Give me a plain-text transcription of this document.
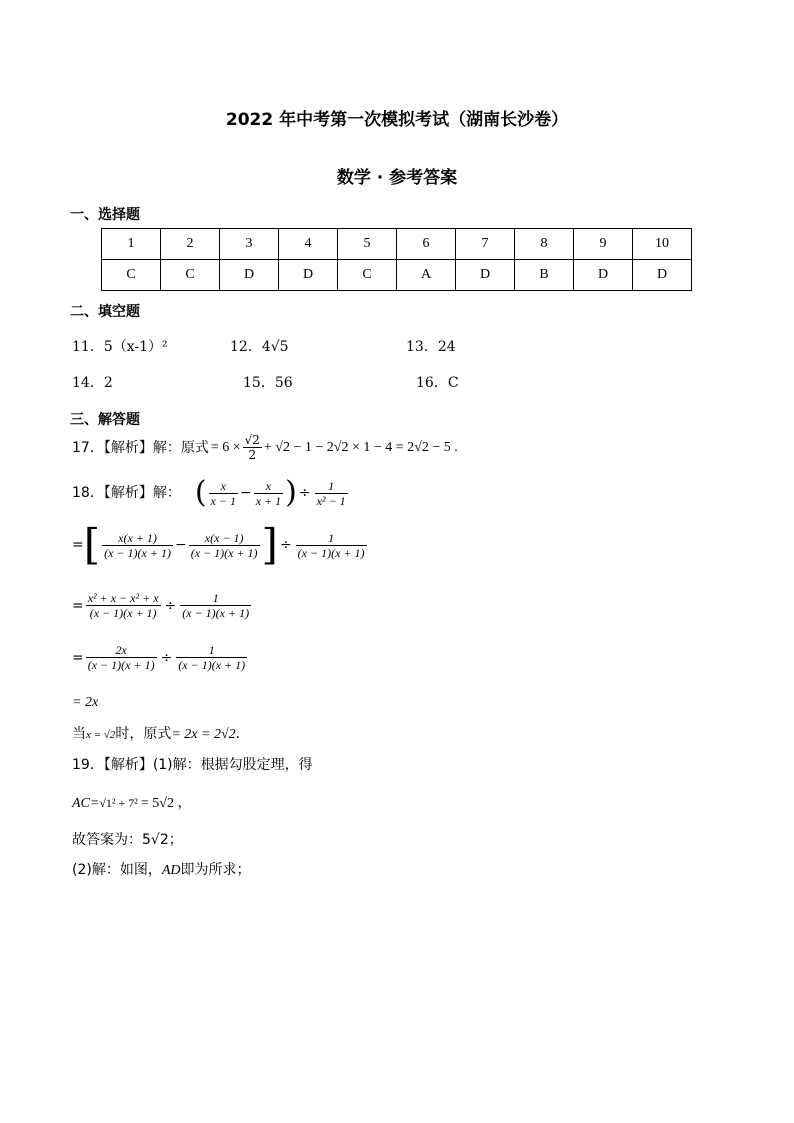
2022 年中考第一次模拟考试（湖南长沙卷）
数学 · 参考答案
一、选择题
1	2	3	4	5	6	7	8	9	10
C	C	D	D	C	A	D	B	D	D
二、填空题
11．5（x-1）²	12．4√5	13．24
14．2	15．56	16．C
三、解答题
17．【解析】解：原式 = $6 \times \frac{√2}{2} + √2 - 1 - 2√2 \times 1 - 4 = 2√2 - 5$ .
18．【解析】解： ( $\frac{x}{x - 1} - \frac{x}{x + 1}$ ) ÷ $\frac{1}{\text{x² − 1}}$
= [ $\frac{x(x + 1)}{(x - 1)(x + 1)} - \frac{x(x - 1)}{(x - 1)(x + 1)}$ ] ÷ $\frac{1}{(x - 1)(x + 1)}$
= $\frac{\text{x² + x − x² + x}}{(x - 1)(x + 1)} \div \frac{1}{(x - 1)(x + 1)}$
= $\frac{2x}{(x - 1)(x + 1)} \div \frac{1}{(x - 1)(x + 1)}$
= 2x
当x = √2时，原式= 2x = 2√2．
19．【解析】(1)解：根据勾股定理，得
AC=√1² + 7² = 5√2 ，
故答案为：5√2；
(2)解：如图，AD即为所求；
